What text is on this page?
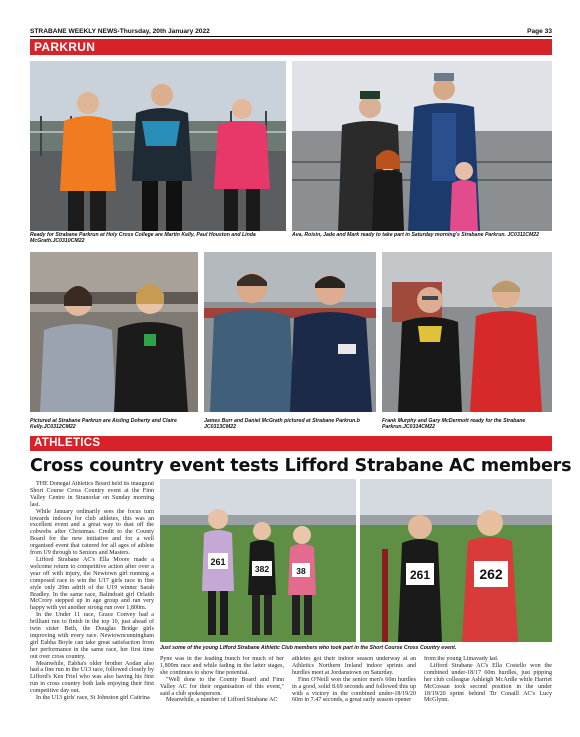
STRABANE WEEKLY NEWS-Thursday, 20th January 2022	Page 33
PARKRUN
Ready for Strabane Parkrun at Holy Cross College are Martin Kelly, Paul Houston and Linda McGrath.JC0310CM22
Ava, Roisin, Jade and Mark ready to take part in Saturday morning's Strabane Parkrun. JC0311CM22
Pictured at Strabane Parkrun are Aisling Doherty and Claire Kelly.JC0312CM22
James Burr and Daniel McGrath pictured at Strabane Parkrun.b JC0313CM22
Frank Murphy and Gary McDermott ready for the Strabane Parkrun.JC0314CM22
ATHLETICS
Cross country event tests Lifford Strabane AC members

THE Donegal Athletics Board held its inaugural Short Course Cross Country event at the Finn Valley Centre in Stranorlar on Sunday morning last.

While January ordinarily sees the focus turn towards indoors for club athletes, this was an excellent event and a great way to dust off the cobwebs after Christmas. Credit to the County Board for the new initiative and for a well organised event that catered for all ages of athlete from U9 through to Seniors and Masters.

Lifford Strabane AC's Ella Moore made a welcome return to competitive action after over a year off with injury, the Newtown girl running a composed race to win the U17 girls race in fine style only 20m adrift of the U19 winner Sarah Bradley. In the same race, Balindrait girl Orlaith McCrory stepped up in age group and ran very happy with yet another strong run over 1,800m.

In the Under 11 race, Grace Convey had a brilliant run to finish in the top 10, just ahead of twin sister Beth, the Douglas Bridge girls improving with every race. Newtowncunningham girl Eabha Boyle can take great satisfaction from her performance in the same race, her first time out over cross country.

Meanwhile, Eabha's older brother Aodan also had a fine run in the U13 race, followed closely by Lifford's Ken Friel who was also having his first run in cross country both lads enjoying their first competitive day out.

In the U13 girls' race, St Johnston girl Caitrina

261
382	38	261	262
Just some of the young Lifford Strabane Athletic Club members who took part in the Short Course Cross Country event.

Pyne was in the leading bunch for much of her 1,800m race and while fading in the latter stages, she continues to show fine potential.

"Well done to the County Board and Finn Valley AC for their organisation of this event," said a club spokesperson.

Meanwhile, a number of Lifford Strabane AC

athletes got their indoor season underway at an Athletics Northern Ireland indoor sprints and hurdles meet at Jordanstown on Saturday.

Finn O'Neill won the senior men's 60m hurdles in a good, solid 8.69 seconds and followed this up with a victory in the combined under-18/19/20 60m in 7.47 seconds, a great early season opener

from the young Limavady lad.

Lifford Strabane AC's Ella Costello won the combined under-18/17 60m hurdles, just pipping her club colleague Ashleigh McArdle while Harriet McCossan took second position in the under 18/19/20 sprint behind Tir Conaill AC's Lucy McGlynn.
